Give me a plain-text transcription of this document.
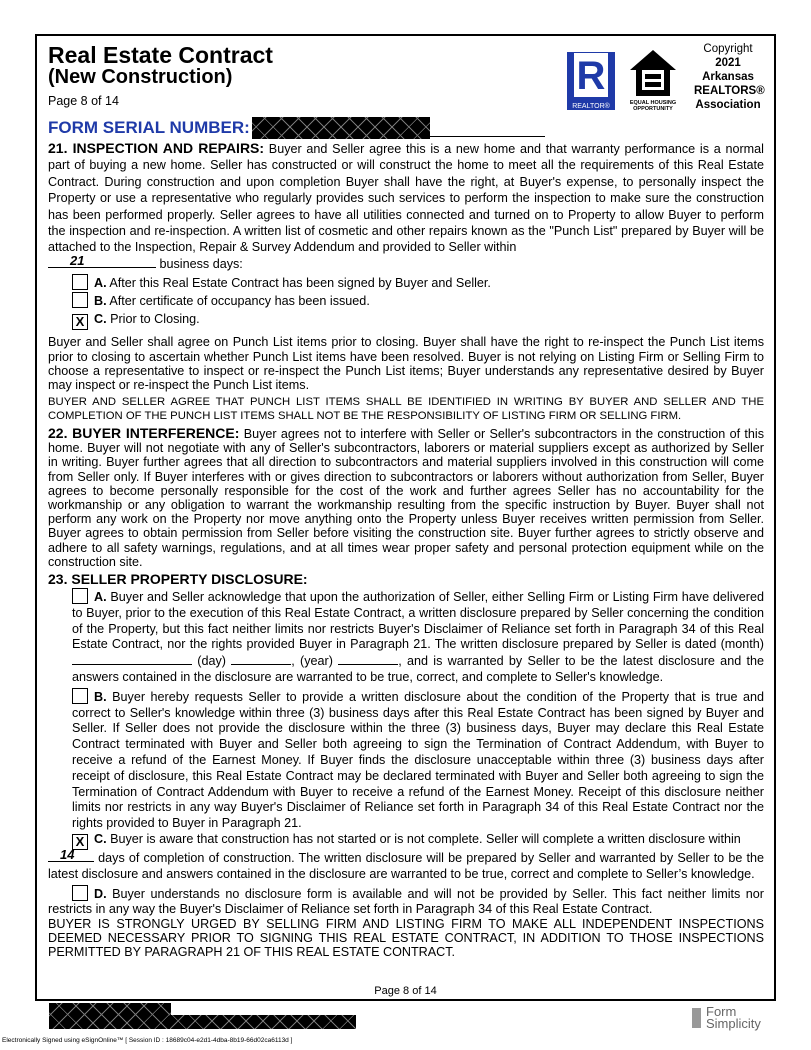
Real Estate Contract
(New Construction)
Page 8 of 14
R
REALTOR®	EQUAL HOUSING OPPORTUNITY
Copyright
2021
Arkansas
REALTORS®
Association
FORM SERIAL NUMBER:
21. INSPECTION AND REPAIRS: Buyer and Seller agree this is a new home and that warranty performance is a normal part of buying a new home. Seller has constructed or will construct the home to meet all the requirements of this Real Estate Contract. During construction and upon completion Buyer shall have the right, at Buyer's expense, to personally inspect the Property or use a representative who regularly provides such services to perform the inspection to make sure the construction has been performed properly. Seller agrees to have all utilities connected and turned on to Property to allow Buyer to perform the inspection and re-inspection. A written list of cosmetic and other repairs known as the "Punch List" prepared by Buyer will be attached to the Inspection, Repair & Survey Addendum and provided to Seller within

21	business days:
A. After this Real Estate Contract has been signed by Buyer and Seller.
B. After certificate of occupancy has been issued.
X C. Prior to Closing.
Buyer and Seller shall agree on Punch List items prior to closing. Buyer shall have the right to re-inspect the Punch List items prior to closing to ascertain whether Punch List items have been resolved. Buyer is not relying on Listing Firm or Selling Firm to choose a representative to inspect or re-inspect the Punch List items; Buyer understands any representative desired by Buyer may inspect or re-inspect the Punch List items.
BUYER AND SELLER AGREE THAT PUNCH LIST ITEMS SHALL BE IDENTIFIED IN WRITING BY BUYER AND SELLER AND THE COMPLETION OF THE PUNCH LIST ITEMS SHALL NOT BE THE RESPONSIBILITY OF LISTING FIRM OR SELLING FIRM.
22. BUYER INTERFERENCE: Buyer agrees not to interfere with Seller or Seller's subcontractors in the construction of this home. Buyer will not negotiate with any of Seller's subcontractors, laborers or material suppliers except as authorized by Seller in writing. Buyer further agrees that all direction to subcontractors and material suppliers involved in this construction will come from Seller only. If Buyer interferes with or gives direction to subcontractors or laborers without authorization from Seller, Buyer agrees to become personally responsible for the cost of the work and further agrees Seller has no accountability for the workmanship or any obligation to warrant the workmanship resulting from the specific instruction by Buyer. Buyer shall not perform any work on the Property nor move anything onto the Property unless Buyer receives written permission from Seller. Buyer agrees to obtain permission from Seller before visiting the construction site. Buyer further agrees to strictly observe and adhere to all safety warnings, regulations, and at all times wear proper safety and personal protection equipment while on the construction site.
23. SELLER PROPERTY DISCLOSURE:
A. Buyer and Seller acknowledge that upon the authorization of Seller, either Selling Firm or Listing Firm have delivered to Buyer, prior to the execution of this Real Estate Contract, a written disclosure prepared by Seller concerning the condition of the Property, but this fact neither limits nor restricts Buyer's Disclaimer of Reliance set forth in Paragraph 34 of this Real Estate Contract, nor the rights provided Buyer in Paragraph 21. The written disclosure prepared by Seller is dated (month)  (day)	, (year)	, and is warranted by Seller to be the latest disclosure and the answers contained in the disclosure are warranted to be true, correct, and complete to Seller's knowledge.
B. Buyer hereby requests Seller to provide a written disclosure about the condition of the Property that is true and correct to Seller's knowledge within three (3) business days after this Real Estate Contract has been signed by Buyer and Seller. If Seller does not provide the disclosure within the three (3) business days, Buyer may declare this Real Estate Contract terminated with Buyer and Seller both agreeing to sign the Termination of Contract Addendum, with Buyer to receive a refund of the Earnest Money. If Buyer finds the disclosure unacceptable within three (3) business days after receipt of disclosure, this Real Estate Contract may be declared terminated with Buyer and Seller both agreeing to sign the Termination of Contract Addendum with Buyer to receive a refund of the Earnest Money. Receipt of this disclosure neither limits nor restricts in any way Buyer's Disclaimer of Reliance set forth in Paragraph 34 of this Real Estate Contract nor the rights provided to Buyer in Paragraph 21.
X C. Buyer is aware that construction has not started or is not complete. Seller will complete a written disclosure within

14 days of completion of construction. The written disclosure will be prepared by Seller and warranted by Seller to be the latest disclosure and answers contained in the disclosure are warranted to be true, correct and complete to Seller’s knowledge.
D. Buyer understands no disclosure form is available and will not be provided by Seller. This fact neither limits nor restricts in any way the Buyer's Disclaimer of Reliance set forth in Paragraph 34 of this Real Estate Contract.
BUYER IS STRONGLY URGED BY SELLING FIRM AND LISTING FIRM TO MAKE ALL INDEPENDENT INSPECTIONS DEEMED NECESSARY PRIOR TO SIGNING THIS REAL ESTATE CONTRACT, IN ADDITION TO THOSE INSPECTIONS PERMITTED BY PARAGRAPH 21 OF THIS REAL ESTATE CONTRACT.
Page 8 of 14
Form
Simplicity
Electronically Signed using eSignOnline™ [ Session ID : 18689c04-e2d1-4dba-8b19-66d02ca6113d ]
